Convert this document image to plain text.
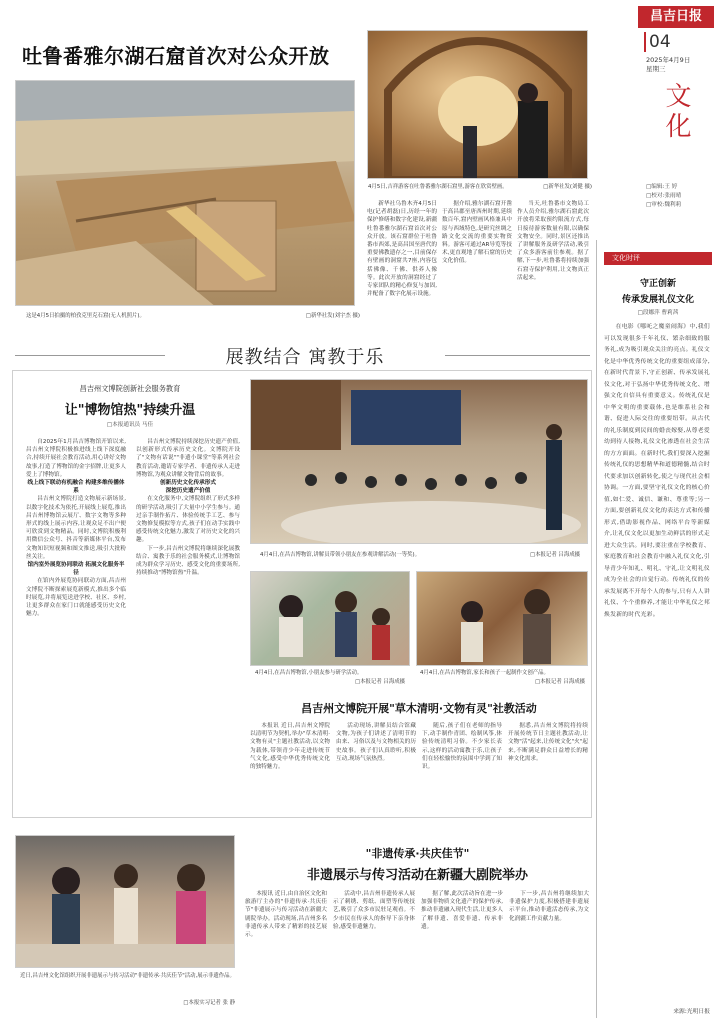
昌吉日报
04
2025年4月9日
星期三
文化
□编辑:王 婷
□校对:张雨晴
□审校:魏利莉
吐鲁番雅尔湖石窟首次对公众开放
这是4月5日拍摄的柏孜克里克石窟(无人机照片)。	□新华社发(刘宇杰 摄)
4月5日,吉祥游客在吐鲁番雅尔湖石窟里,游客在欣赏壁画。	□新华社发(刘健 摄)

新华社乌鲁木齐4月5日电(记者胡磊)日,历经一年的保护修缮和数字化建设,新疆吐鲁番雅尔湖石窟首次对公众开放。该石窟群位于吐鲁番市西郊,是高昌国至唐代的重要佛教遗存之一,目前保存有壁画的洞窟共7座,内容包括佛像、千佛、供养人像等。此次开放的洞窟经过了专家团队的精心修复与加固,并配备了数字化展示设施。

据介绍,雅尔湖石窟开凿于高昌郡至唐西州时期,延续数百年,窟内壁画风格兼具中原与西域特色,是研究丝绸之路文化交流的重要实物资料。游客可通过AR导览等技术,更直观地了解石窟的历史文化价值。

当天,吐鲁番市文物局工作人员介绍,雅尔湖石窟此次开放将采取预约限流方式,每日接待游客数量有限,以确保文物安全。同时,景区还推出了讲解服务及研学活动,吸引了众多游客前往参观。据了解,下一步,吐鲁番将持续加强石窟寺保护利用,让文物真正活起来。

文化时评
守正创新
传承发展礼仪文化
□段娜萍 曹莉茜

在电影《哪吒之魔童闹海》中,我们可以发现很多千年礼仪、繁杂细致的服务礼,成为吸引观众关注的亮点。礼仪文化是中华优秀传统文化的重要组成部分,在新时代背景下,守正创新、传承发展礼仪文化,对于弘扬中华优秀传统文化、增强文化自信具有重要意义。传统礼仪是中华文明的重要载体,也是维系社会和谐、促进人际交往的重要纽带。从古代的礼乐制度到民间的婚丧嫁娶,从尊老爱幼到待人接物,礼仪文化渗透在社会生活的方方面面。在新时代,我们要深入挖掘传统礼仪的思想精华和道德精髓,结合时代要求加以创新转化,使之与现代社会相协调。一方面,要坚守礼仪文化的核心价值,如仁爱、诚信、谦和、尊重等;另一方面,要创新礼仪文化的表达方式和传播形式,借助影视作品、网络平台等新媒介,让礼仪文化以更加生动鲜活的形式走进大众生活。同时,要注重在学校教育、家庭教育和社会教育中融入礼仪文化,引导青少年知礼、明礼、守礼,让文明礼仪成为全社会的自觉行动。传统礼仪的传承发展离不开每个人的参与,只有人人讲礼仪、个个重修养,才能让中华礼仪之邦焕发新的时代光彩。

来源:光明日报
展教结合 寓教于乐
昌吉州文博院创新社会服务教育
让"博物馆热"持续升温
□本报通讯员 马佳

自2025年1月昌吉博物馆开馆以来,昌吉州文博院积极推进线上线下深度融合,持续开展社会教育活动,用心讲好文物故事,打造了博物馆的金字招牌,让更多人爱上了博物馆。

线上线下联动有机融合 构建多维传播体系

昌吉州文博院打造文物展示新场景,以数字化技术为依托,开展线上展览,推出昌吉州博物馆云展厅、数字文物等多种形式的线上展示内容,让观众足不出户便可欣赏到文物精品。同时,文博院积极利用微信公众号、抖音等新媒体平台,发布文物知识短视频和图文推送,吸引大批粉丝关注。

馆内室外展览协同联动 拓展文化服务半径

在馆内外展览协同联动方面,昌吉州文博院不断探索展览新模式,推出多个临时展览,并将展览送进学校、社区、乡村,让更多群众在家门口就能感受历史文化魅力。

昌吉州文博院持续深挖历史遗产价值,以创新形式传承历史文化。文博院开设了"文物有话说""非遗小课堂"等系列社会教育活动,邀请专家学者、非遗传承人走进博物馆,为观众讲解文物背后的故事。

创新历史文化传承形式

深挖历史遗产价值

在文化服务中,文博院组织了形式多样的研学活动,吸引了大量中小学生参与。通过亲手制作拓片、体验传统手工艺、参与文物修复模拟等方式,孩子们在动手实践中感受传统文化魅力,激发了对历史文化的兴趣。

下一步,昌吉州文博院将继续深化展教结合、寓教于乐的社会服务模式,让博物馆成为群众学习历史、感受文化的重要场所,持续推动"博物馆热"升温。

4月4日,在昌吉博物馆,讲解员带领小朋友在参观讲解活动(一等奖)。	□本报记者 吕海成摄
4月4日,在昌吉博物馆,小朋友参与研学活动。
□本报记者 吕海成摄
4月4日,在昌吉博物馆,家长和孩子一起制作文创产品。
□本报记者 吕海成摄
昌吉州文博院开展"草木清明·文物有灵"社教活动

本报讯 近日,昌吉州文博院以清明节为契机,举办"草木清明·文物有灵"主题社教活动,以文物为载体,带领青少年走进传统节气文化,感受中华优秀传统文化的独特魅力。

活动现场,讲解员结合馆藏文物,为孩子们讲述了清明节的由来、习俗以及与文物相关的历史故事。孩子们认真聆听,积极互动,现场气氛热烈。

随后,孩子们在老师的指导下,动手制作青团、绘制风筝,体验传统清明习俗。不少家长表示,这样的活动寓教于乐,让孩子们在轻松愉快的氛围中学到了知识。

据悉,昌吉州文博院将持续开展传统节日主题社教活动,让文物"活"起来,让传统文化"火"起来,不断满足群众日益增长的精神文化需求。

近日,昌吉州文化馆组织开展非遗展示与传习活动"非遗传承·共庆佳节"活动,展示非遗作品。
□本报实习记者 张 静
"非遗传承·共庆佳节"
非遗展示与传习活动在新疆大剧院举办

本报讯 近日,由自治区文化和旅游厅主办的"非遗传承·共庆佳节"非遗展示与传习活动在新疆大剧院举办。活动现场,昌吉州多名非遗传承人带来了精彩的技艺展示。

活动中,昌吉州非遗传承人展示了刺绣、剪纸、面塑等传统技艺,吸引了众多市民驻足观看。不少市民在传承人的指导下亲身体验,感受非遗魅力。

据了解,此次活动旨在进一步加强非物质文化遗产的保护传承,推动非遗融入现代生活,让更多人了解非遗、喜爱非遗、传承非遗。

下一步,昌吉州将继续加大非遗保护力度,积极搭建非遗展示平台,推动非遗活态传承,为文化润疆工作贡献力量。
